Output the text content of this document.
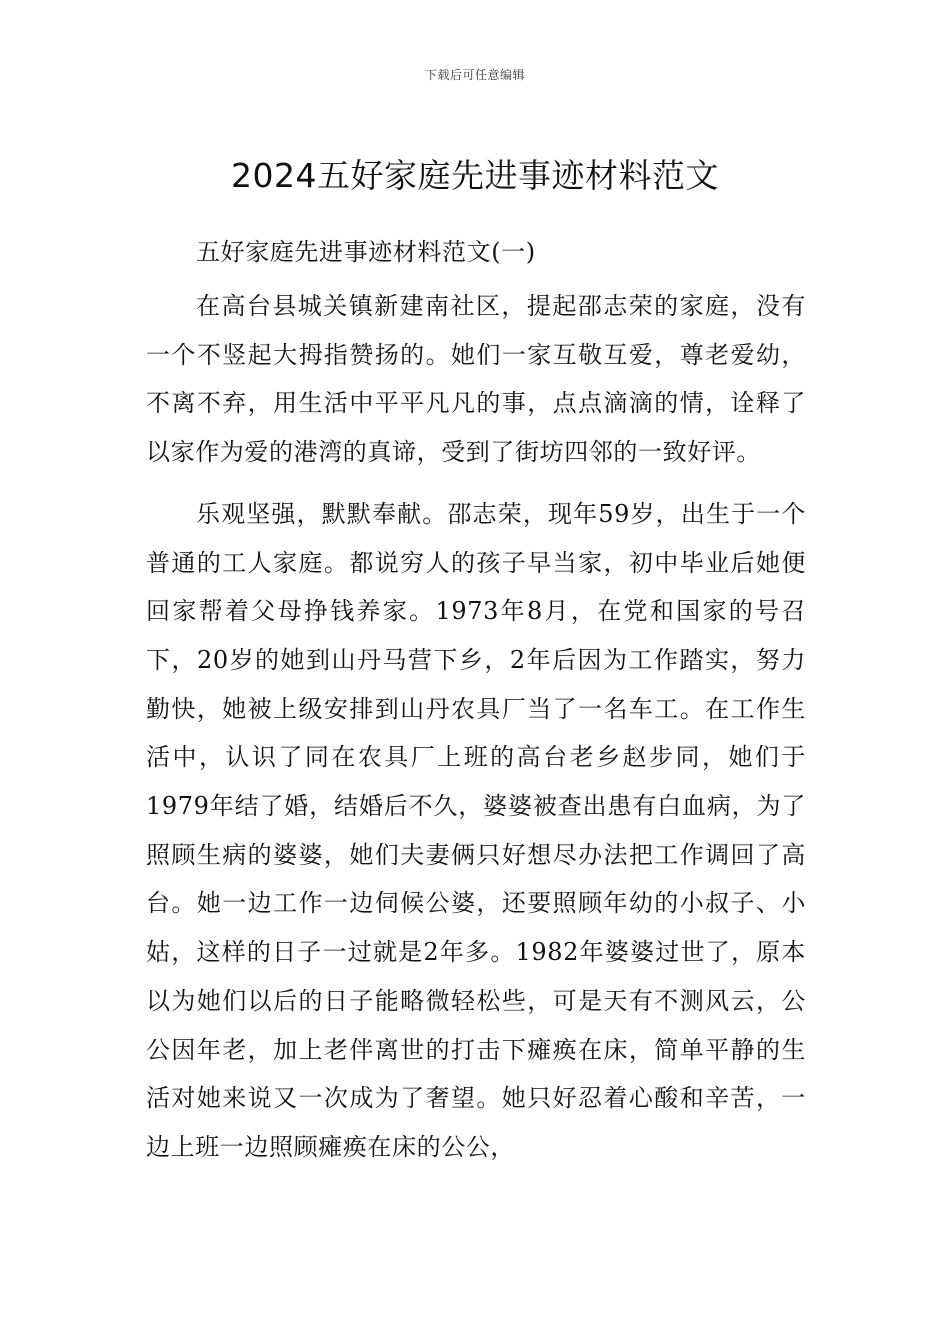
下载后可任意编辑
2024五好家庭先进事迹材料范文

五好家庭先进事迹材料范文(一)

在高台县城关镇新建南社区，提起邵志荣的家庭，没有一个不竖起大拇指赞扬的。她们一家互敬互爱，尊老爱幼，不离不弃，用生活中平平凡凡的事，点点滴滴的情，诠释了以家作为爱的港湾的真谛，受到了街坊四邻的一致好评。

乐观坚强，默默奉献。邵志荣，现年59岁，出生于一个普通的工人家庭。都说穷人的孩子早当家，初中毕业后她便回家帮着父母挣钱养家。1973年8月，在党和国家的号召下，20岁的她到山丹马营下乡，2年后因为工作踏实，努力勤快，她被上级安排到山丹农具厂当了一名车工。在工作生活中，认识了同在农具厂上班的高台老乡赵步同，她们于1979年结了婚，结婚后不久，婆婆被查出患有白血病，为了照顾生病的婆婆，她们夫妻俩只好想尽办法把工作调回了高台。她一边工作一边伺候公婆，还要照顾年幼的小叔子、小姑，这样的日子一过就是2年多。1982年婆婆过世了，原本以为她们以后的日子能略微轻松些，可是天有不测风云，公公因年老，加上老伴离世的打击下瘫痪在床，简单平静的生活对她来说又一次成为了奢望。她只好忍着心酸和辛苦，一边上班一边照顾瘫痪在床的公公，
